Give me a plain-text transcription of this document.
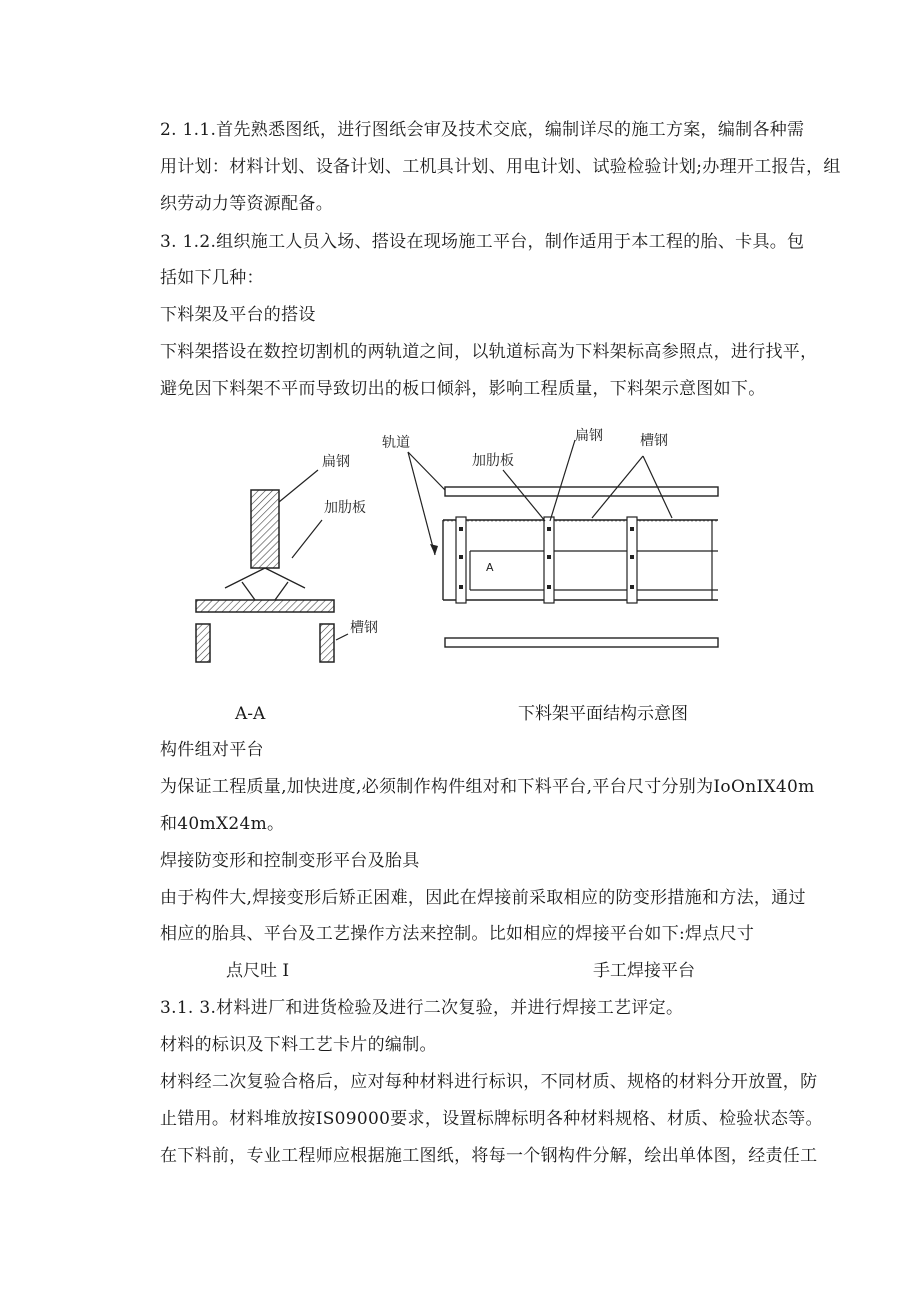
2. 1.1.首先熟悉图纸，进行图纸会审及技术交底，编制详尽的施工方案，编制各种需
用计划：材料计划、设备计划、工机具计划、用电计划、试验检验计划;办理开工报告，组
织劳动力等资源配备。
3. 1.2.组织施工人员入场、搭设在现场施工平台，制作适用于本工程的胎、卡具。包
括如下几种：
下料架及平台的搭设
下料架搭设在数控切割机的两轨道之间，以轨道标高为下料架标高参照点，进行找平，
避免因下料架不平而导致切出的板口倾斜，影响工程质量，下料架示意图如下。
扁钢
加肋板
槽钢
A
轨道
加肋板
扁钢	槽钢
A-A	下料架平面结构示意图
构件组对平台
为保证工程质量,加快进度,必须制作构件组对和下料平台,平台尺寸分别为IoOnIX40m
和40mX24m。
焊接防变形和控制变形平台及胎具
由于构件大,焊接变形后矫正困难，因此在焊接前采取相应的防变形措施和方法，通过
相应的胎具、平台及工艺操作方法来控制。比如相应的焊接平台如下:焊点尺寸
点尺吐 I	手工焊接平台
3.1. 3.材料进厂和进货检验及进行二次复验，并进行焊接工艺评定。
材料的标识及下料工艺卡片的编制。
材料经二次复验合格后，应对每种材料进行标识，不同材质、规格的材料分开放置，防
止错用。材料堆放按IS09000要求，设置标牌标明各种材料规格、材质、检验状态等。
在下料前，专业工程师应根据施工图纸，将每一个钢构件分解，绘出单体图，经责任工
